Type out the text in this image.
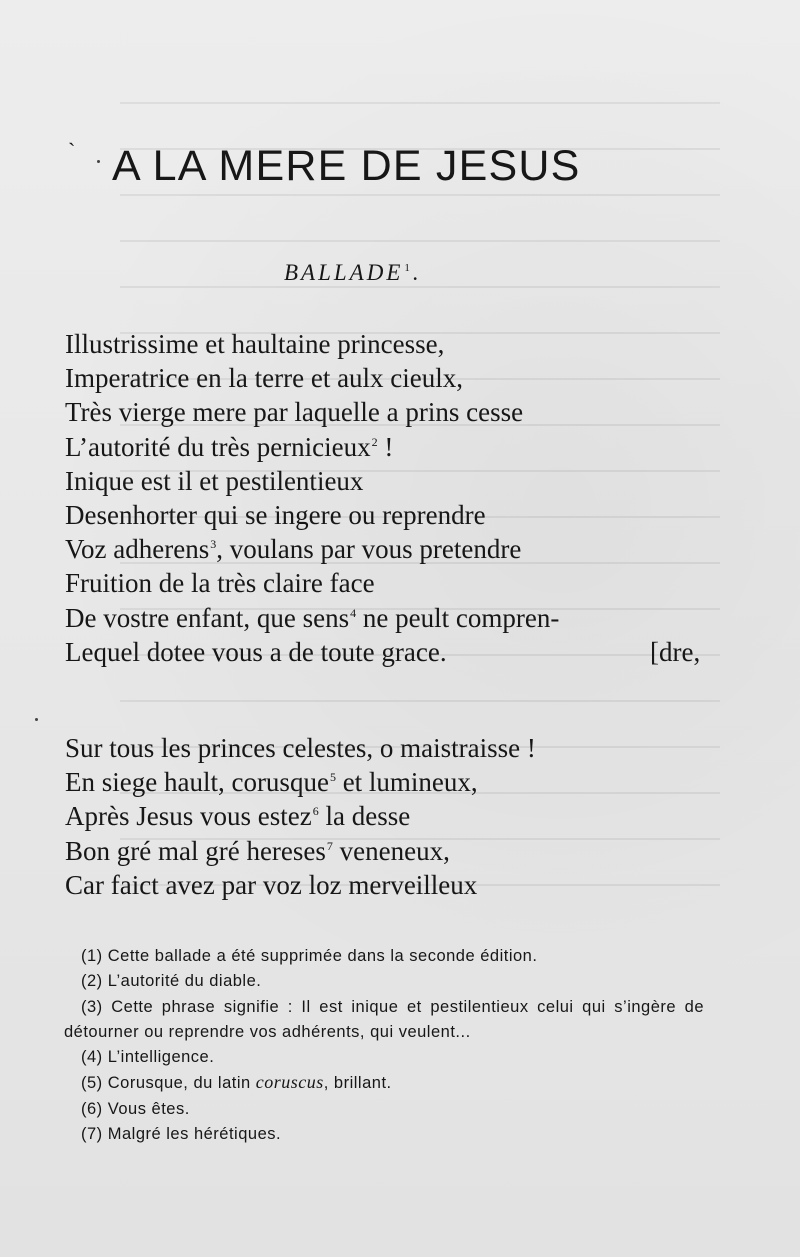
` A LA MERE DE JESUS
BALLADE$^1$.
Illustrissime et haultaine princesse,
Imperatrice en la terre et aulx cieulx,
Très vierge mere par laquelle a prins cesse
L’autorité du très pernicieux$^2$ !
Inique est il et pestilentieux
Desenhorter qui se ingere ou reprendre
Voz adherens$^3$, voulans par vous pretendre
Fruition de la très claire face
De vostre enfant, que sens$^4$ ne peult compren-
Lequel dotee vous a de toute grace.	[dre,
Sur tous les princes celestes, o maistraisse !
En siege hault, corusque$^5$ et lumineux,
Après Jesus vous estez$^6$ la desse
Bon gré mal gré hereses$^7$ veneneux,
Car faict avez par voz loz merveilleux
(1) Cette ballade a été supprimée dans la seconde édition.
(2) L’autorité du diable.
(3) Cette phrase signifie : Il est inique et pestilentieux celui qui s’ingère de détourner ou reprendre vos adhérents, qui veulent...
(4) L’intelligence.
(5) Corusque, du latin coruscus, brillant.
(6) Vous êtes.
(7) Malgré les hérétiques.
